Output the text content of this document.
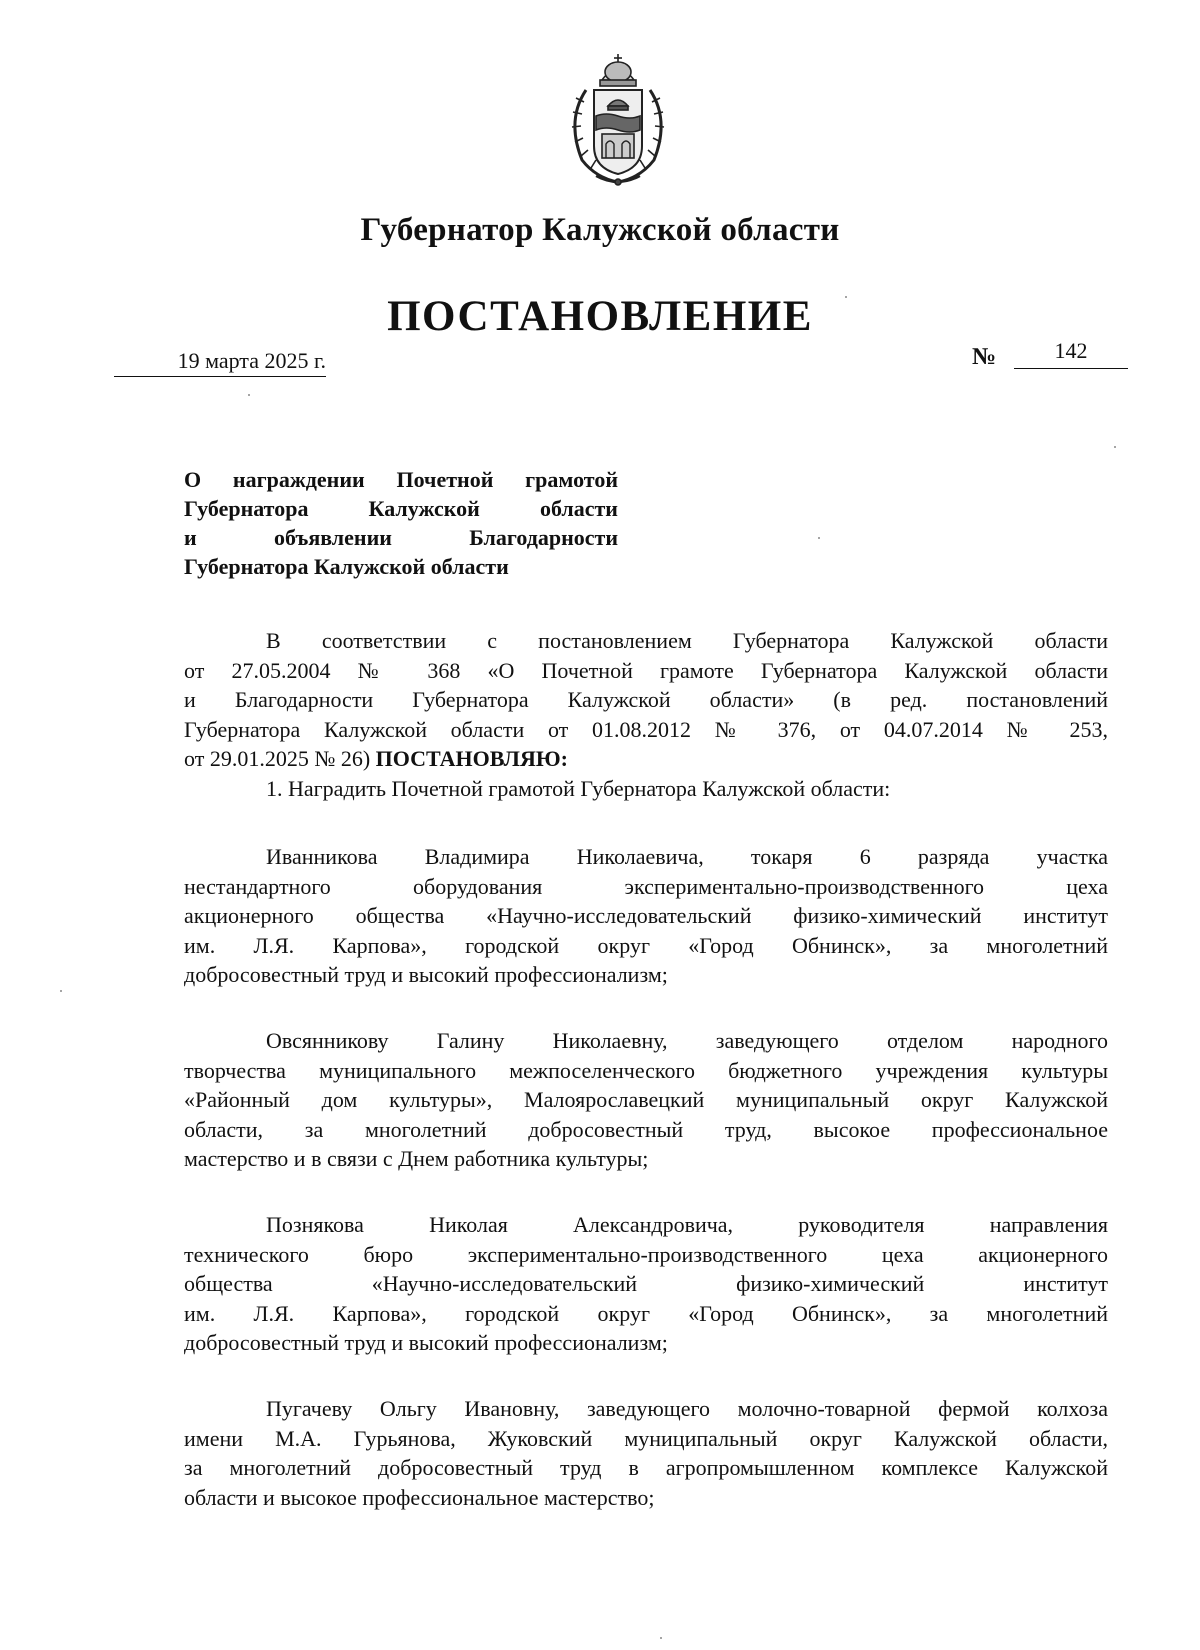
Губернатор Калужской области
ПОСТАНОВЛЕНИЕ
19 марта 2025 г.	№	142
О награждении Почетной грамотой
Губернатора Калужской области
и объявлении Благодарности
Губернатора Калужской области
В соответствии с постановлением Губернатора Калужской области
от 27.05.2004 № 368 «О Почетной грамоте Губернатора Калужской области
и Благодарности Губернатора Калужской области» (в ред. постановлений
Губернатора Калужской области от 01.08.2012 № 376, от 04.07.2014 № 253,
от 29.01.2025 № 26) ПОСТАНОВЛЯЮ:
1. Наградить Почетной грамотой Губернатора Калужской области:
Иванникова Владимира Николаевича, токаря 6 разряда участка
нестандартного оборудования экспериментально-производственного цеха
акционерного общества «Научно-исследовательский физико-химический институт
им. Л.Я. Карпова», городской округ «Город Обнинск», за многолетний
добросовестный труд и высокий профессионализм;
Овсянникову Галину Николаевну, заведующего отделом народного
творчества муниципального межпоселенческого бюджетного учреждения культуры
«Районный дом культуры», Малоярославецкий муниципальный округ Калужской
области, за многолетний добросовестный труд, высокое профессиональное
мастерство и в связи с Днем работника культуры;
Познякова Николая Александровича, руководителя направления
технического бюро экспериментально-производственного цеха акционерного
общества «Научно-исследовательский физико-химический институт
им. Л.Я. Карпова», городской округ «Город Обнинск», за многолетний
добросовестный труд и высокий профессионализм;
Пугачеву Ольгу Ивановну, заведующего молочно-товарной фермой колхоза
имени М.А. Гурьянова, Жуковский муниципальный округ Калужской области,
за многолетний добросовестный труд в агропромышленном комплексе Калужской
области и высокое профессиональное мастерство;
